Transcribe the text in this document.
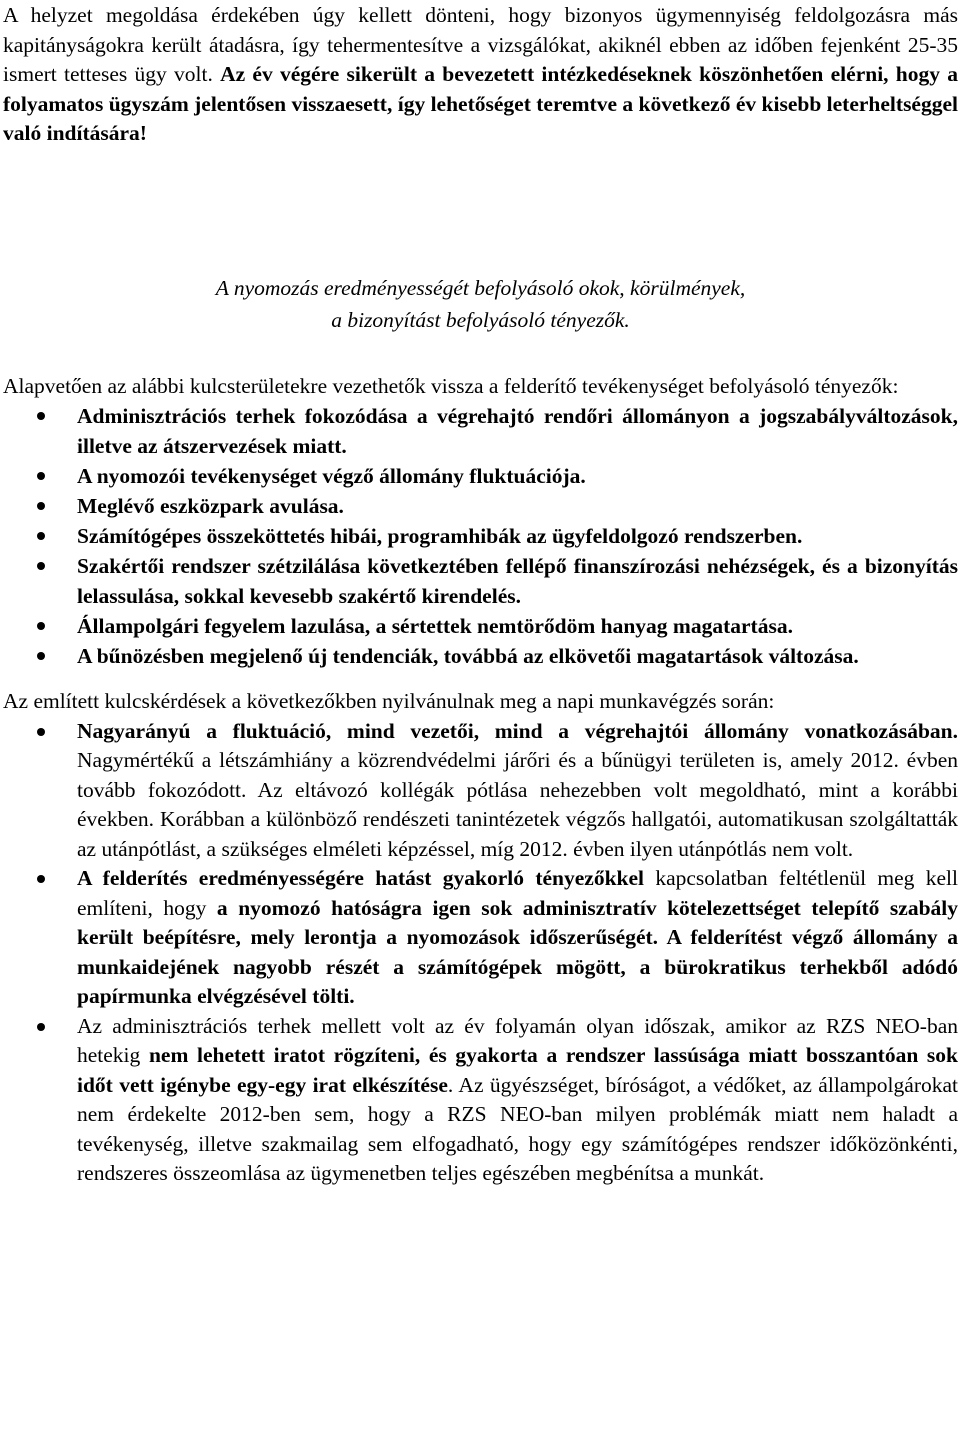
A helyzet megoldása érdekében úgy kellett dönteni, hogy bizonyos ügymennyiség feldolgozásra más kapitányságokra került átadásra, így tehermentesítve a vizsgálókat, akiknél ebben az időben fejenként 25-35 ismert tetteses ügy volt. Az év végére sikerült a bevezetett intézkedéseknek köszönhetően elérni, hogy a folyamatos ügyszám jelentősen visszaesett, így lehetőséget teremtve a következő év kisebb leterheltséggel való indítására!

A nyomozás eredményességét befolyásoló okok, körülmények,
a bizonyítást befolyásoló tényezők.

Alapvetően az alábbi kulcsterületekre vezethetők vissza a felderítő tevékenységet befolyásoló tényezők:

Adminisztrációs terhek fokozódása a végrehajtó rendőri állományon a jogszabályváltozások, illetve az átszervezések miatt.
A nyomozói tevékenységet végző állomány fluktuációja.
Meglévő eszközpark avulása.
Számítógépes összeköttetés hibái, programhibák az ügyfeldolgozó rendszerben.
Szakértői rendszer szétzilálása következtében fellépő finanszírozási nehézségek, és a bizonyítás lelassulása, sokkal kevesebb szakértő kirendelés.
Állampolgári fegyelem lazulása, a sértettek nemtörődöm hanyag magatartása.
A bűnözésben megjelenő új tendenciák, továbbá az elkövetői magatartások változása.

Az említett kulcskérdések a következőkben nyilvánulnak meg a napi munkavégzés során:

Nagyarányú a fluktuáció, mind vezetői, mind a végrehajtói állomány vonatkozásában. Nagymértékű a létszámhiány a közrendvédelmi járőri és a bűnügyi területen is, amely 2012. évben tovább fokozódott. Az eltávozó kollégák pótlása nehezebben volt megoldható, mint a korábbi években. Korábban a különböző rendészeti tanintézetek végzős hallgatói, automatikusan szolgáltatták az utánpótlást, a szükséges elméleti képzéssel, míg 2012. évben ilyen utánpótlás nem volt.
A felderítés eredményességére hatást gyakorló tényezőkkel kapcsolatban feltétlenül meg kell említeni, hogy a nyomozó hatóságra igen sok adminisztratív kötelezettséget telepítő szabály került beépítésre, mely lerontja a nyomozások időszerűségét. A felderítést végző állomány a munkaidejének nagyobb részét a számítógépek mögött, a bürokratikus terhekből adódó papírmunka elvégzésével tölti.
Az adminisztrációs terhek mellett volt az év folyamán olyan időszak, amikor az RZS NEO-ban hetekig nem lehetett iratot rögzíteni, és gyakorta a rendszer lassúsága miatt bosszantóan sok időt vett igénybe egy-egy irat elkészítése. Az ügyészséget, bíróságot, a védőket, az állampolgárokat nem érdekelte 2012-ben sem, hogy a RZS NEO-ban milyen problémák miatt nem haladt a tevékenység, illetve szakmailag sem elfogadható, hogy egy számítógépes rendszer időközönkénti, rendszeres összeomlása az ügymenetben teljes egészében megbénítsa a munkát.
